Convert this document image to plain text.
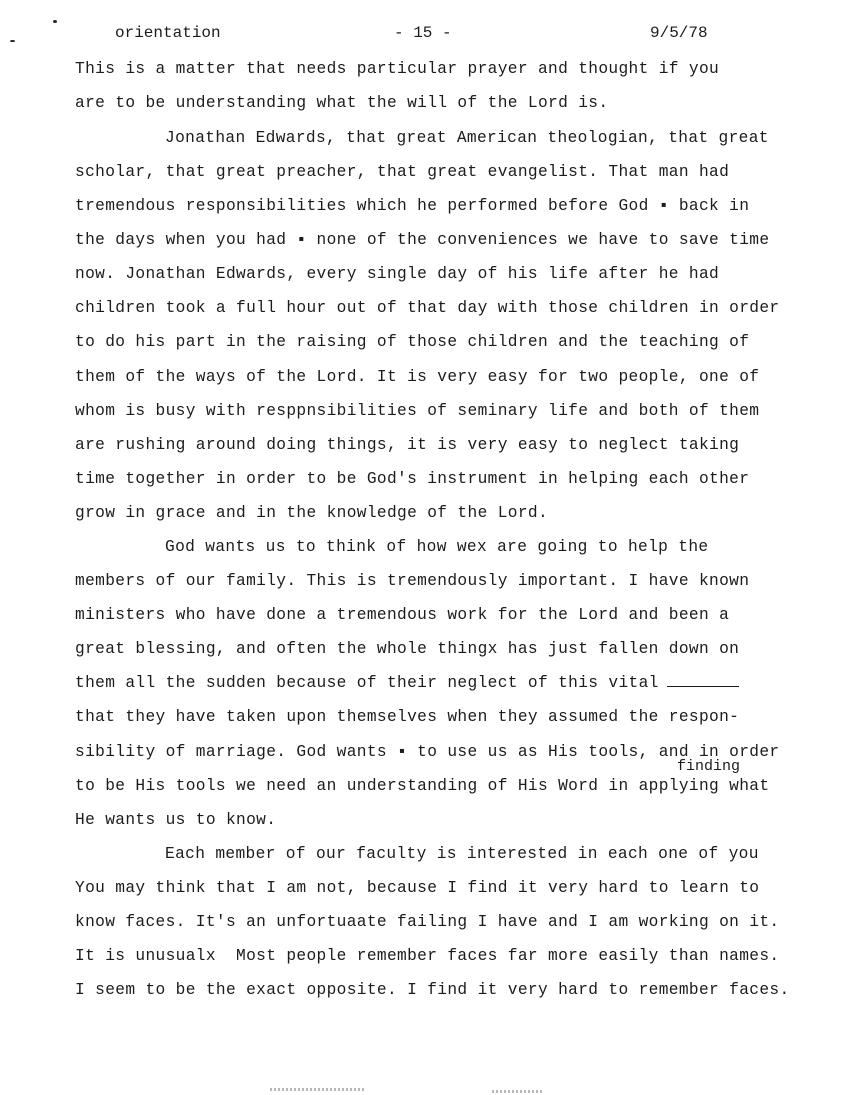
orientation	- 15 -	9/5/78
This is a matter that needs particular prayer and thought if you
are to be understanding what the will of the Lord is.
Jonathan Edwards, that great American theologian, that great
scholar, that great preacher, that great evangelist. That man had
tremendous responsibilities which he performed before God ▪ back in
the days when you had ▪ none of the conveniences we have to save time
now. Jonathan Edwards, every single day of his life after he had
children took a full hour out of that day with those children in order
to do his part in the raising of those children and the teaching of
them of the ways of the Lord. It is very easy for two people, one of
whom is busy with resppnsibilities of seminary life and both of them
are rushing around doing things, it is very easy to neglect taking
time together in order to be God's instrument in helping each other
grow in grace and in the knowledge of the Lord.
God wants us to think of how wex are going to help the
members of our family. This is tremendously important. I have known
ministers who have done a tremendous work for the Lord and been a
great blessing, and often the whole thingx has just fallen down on
them all the sudden because of their neglect of this vital
that they have taken upon themselves when they assumed the respon-
sibility of marriage. God wants ▪ to use us as His tools, and in order
finding
to be His tools we need an understanding of His Word in applying what
He wants us to know.
Each member of our faculty is interested in each one of you
You may think that I am not, because I find it very hard to learn to
know faces. It's an unfortuaate failing I have and I am working on it.
It is unusualx  Most people remember faces far more easily than names.
I seem to be the exact opposite. I find it very hard to remember faces.
